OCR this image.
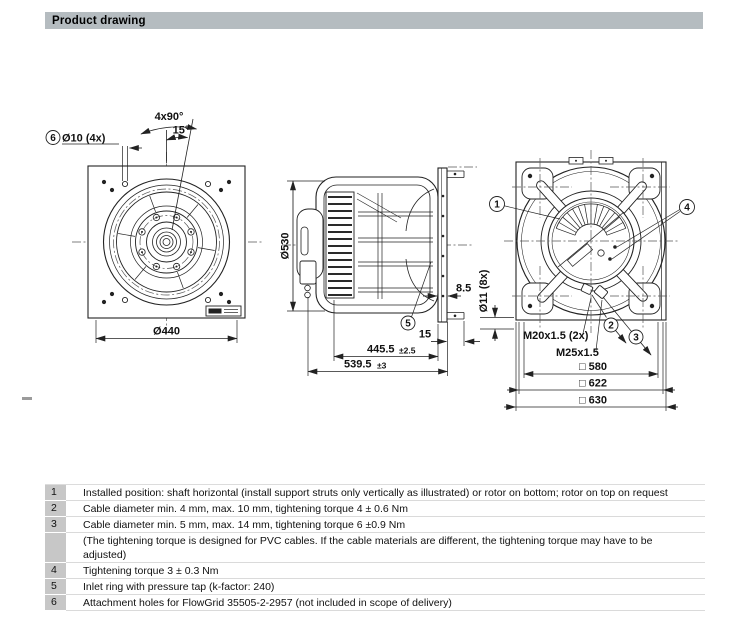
Product drawing
Ø440
4x90°
15°
6 Ø10 (4x)
Ø530
8.5
15
445.5 ±2.5
539.5 ±3
5
1	4
2
3
M20x1.5 (2x)
M25x1.5
Ø11 (8x)
□ 580
□ 622
□ 630
1	Installed position: shaft horizontal (install support struts only vertically as illustrated) or rotor on bottom; rotor on top on request
2	Cable diameter min. 4 mm, max. 10 mm, tightening torque 4 ± 0.6 Nm
3	Cable diameter min. 5 mm, max. 14 mm, tightening torque 6 ±0.9 Nm
(The tightening torque is designed for PVC cables. If the cable materials are different, the tightening torque may have to be adjusted)
4	Tightening torque 3 ± 0.3 Nm
5	Inlet ring with pressure tap (k-factor: 240)
6	Attachment holes for FlowGrid 35505-2-2957 (not included in scope of delivery)
